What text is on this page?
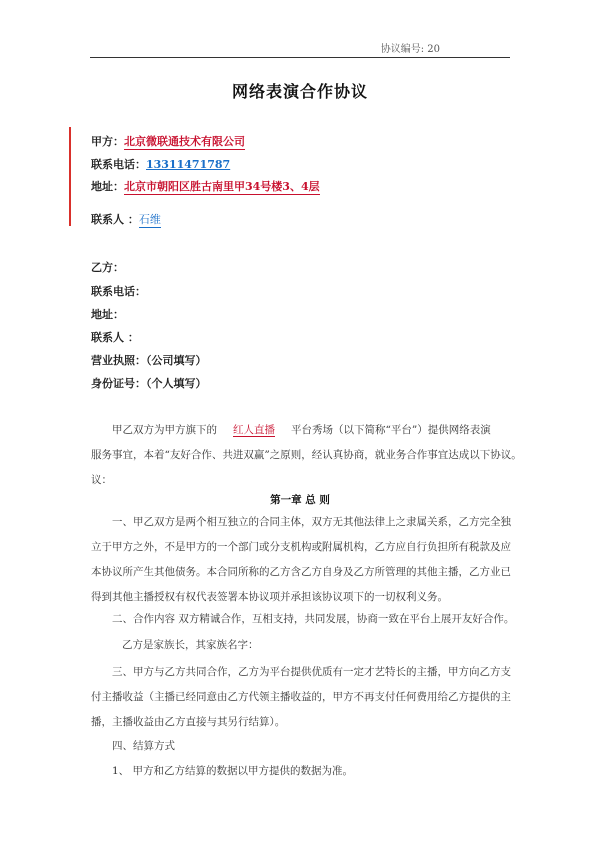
协议编号: 20
网络表演合作协议
甲方：北京微联通技术有限公司
联系电话：13311471787
地址：北京市朝阳区胜古南里甲34号楼3、4层
联系人 ：石维
乙方：
联系电话：
地址：
联系人 ：
营业执照：（公司填写）
身份证号：（个人填写）
甲乙双方为甲方旗下的 红人直播 平台秀场（以下简称“平台”）提供网络表演
服务事宜，本着“友好合作、共进双赢”之原则，经认真协商，就业务合作事宜达成以下协议。
议：
第一章 总 则
一、甲乙双方是两个相互独立的合同主体，双方无其他法律上之隶属关系，乙方完全独
立于甲方之外，不是甲方的一个部门或分支机构或附属机构，乙方应自行负担所有税款及应
本协议所产生其他债务。本合同所称的乙方含乙方自身及乙方所管理的其他主播，乙方业已
得到其他主播授权有权代表签署本协议项并承担该协议项下的一切权利义务。
二、合作内容 双方精诚合作，互相支持，共同发展，协商一致在平台上展开友好合作。
乙方是家族长，其家族名字：
三、甲方与乙方共同合作，乙方为平台提供优质有一定才艺特长的主播，甲方向乙方支
付主播收益（主播已经同意由乙方代领主播收益的，甲方不再支付任何费用给乙方提供的主
播，主播收益由乙方直接与其另行结算）。
四、结算方式
1、 甲方和乙方结算的数据以甲方提供的数据为准。
